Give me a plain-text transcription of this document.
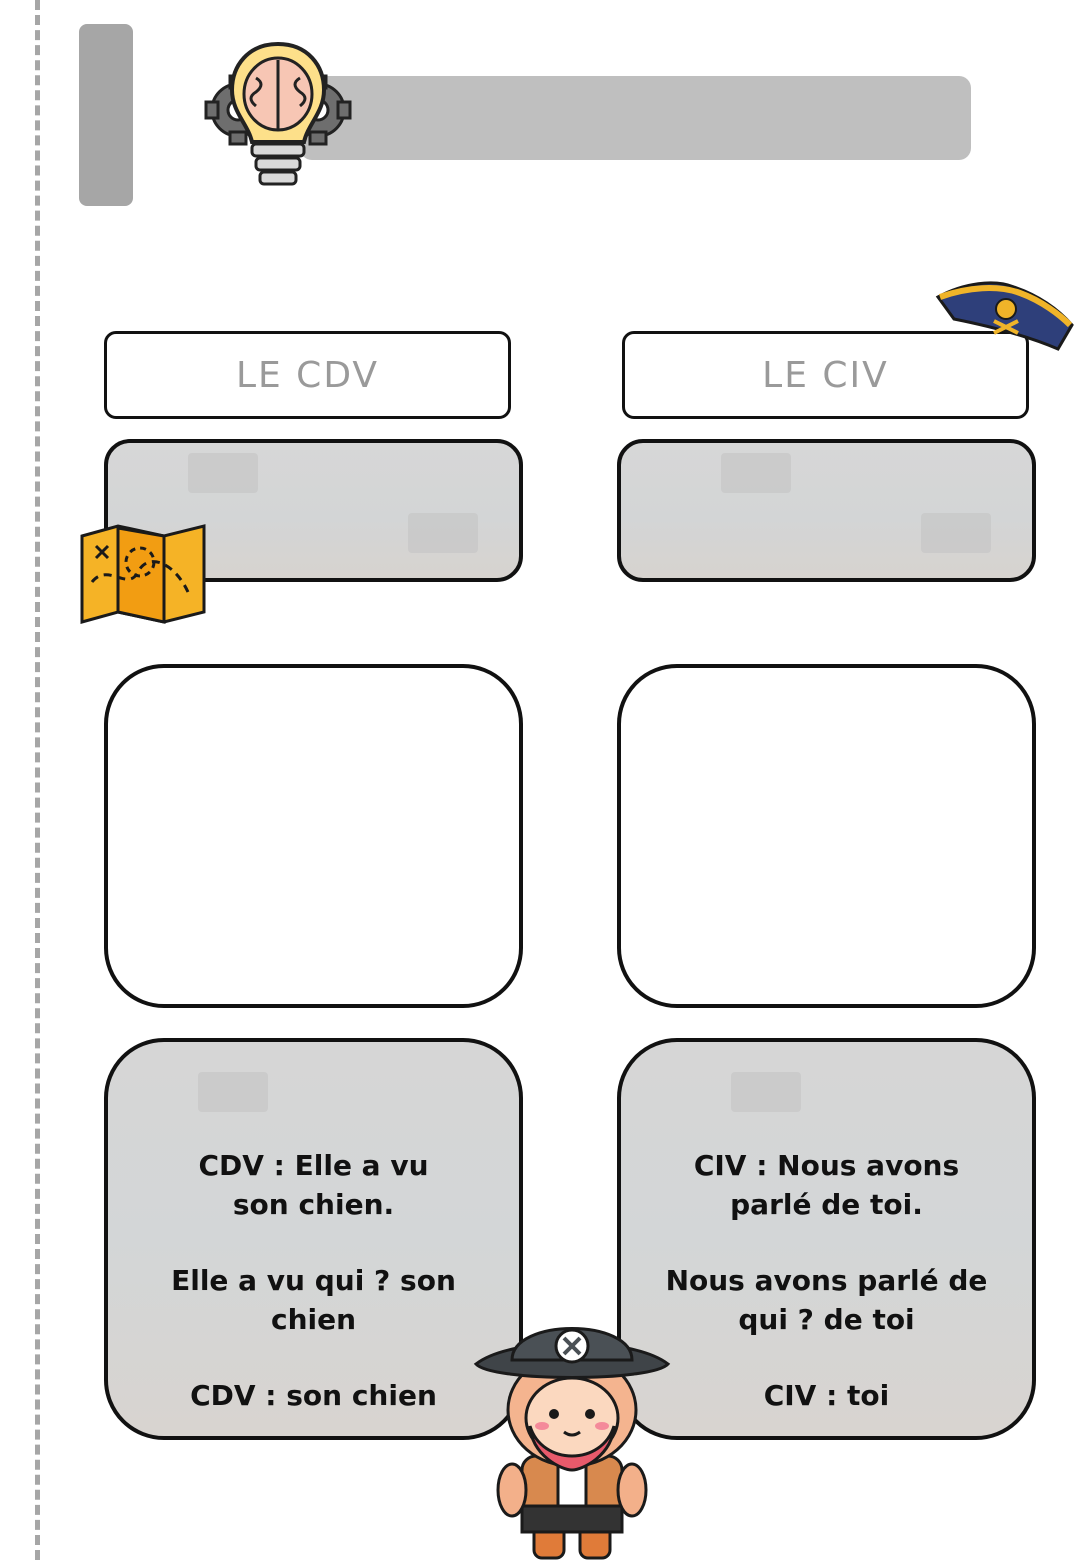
LE CDV	LE CIV
CDV : Elle a vu son chien.
Elle a vu qui ? son chien
CDV : son chien
CIV : Nous avons parlé de toi.
Nous avons parlé de qui ? de toi
CIV : toi
